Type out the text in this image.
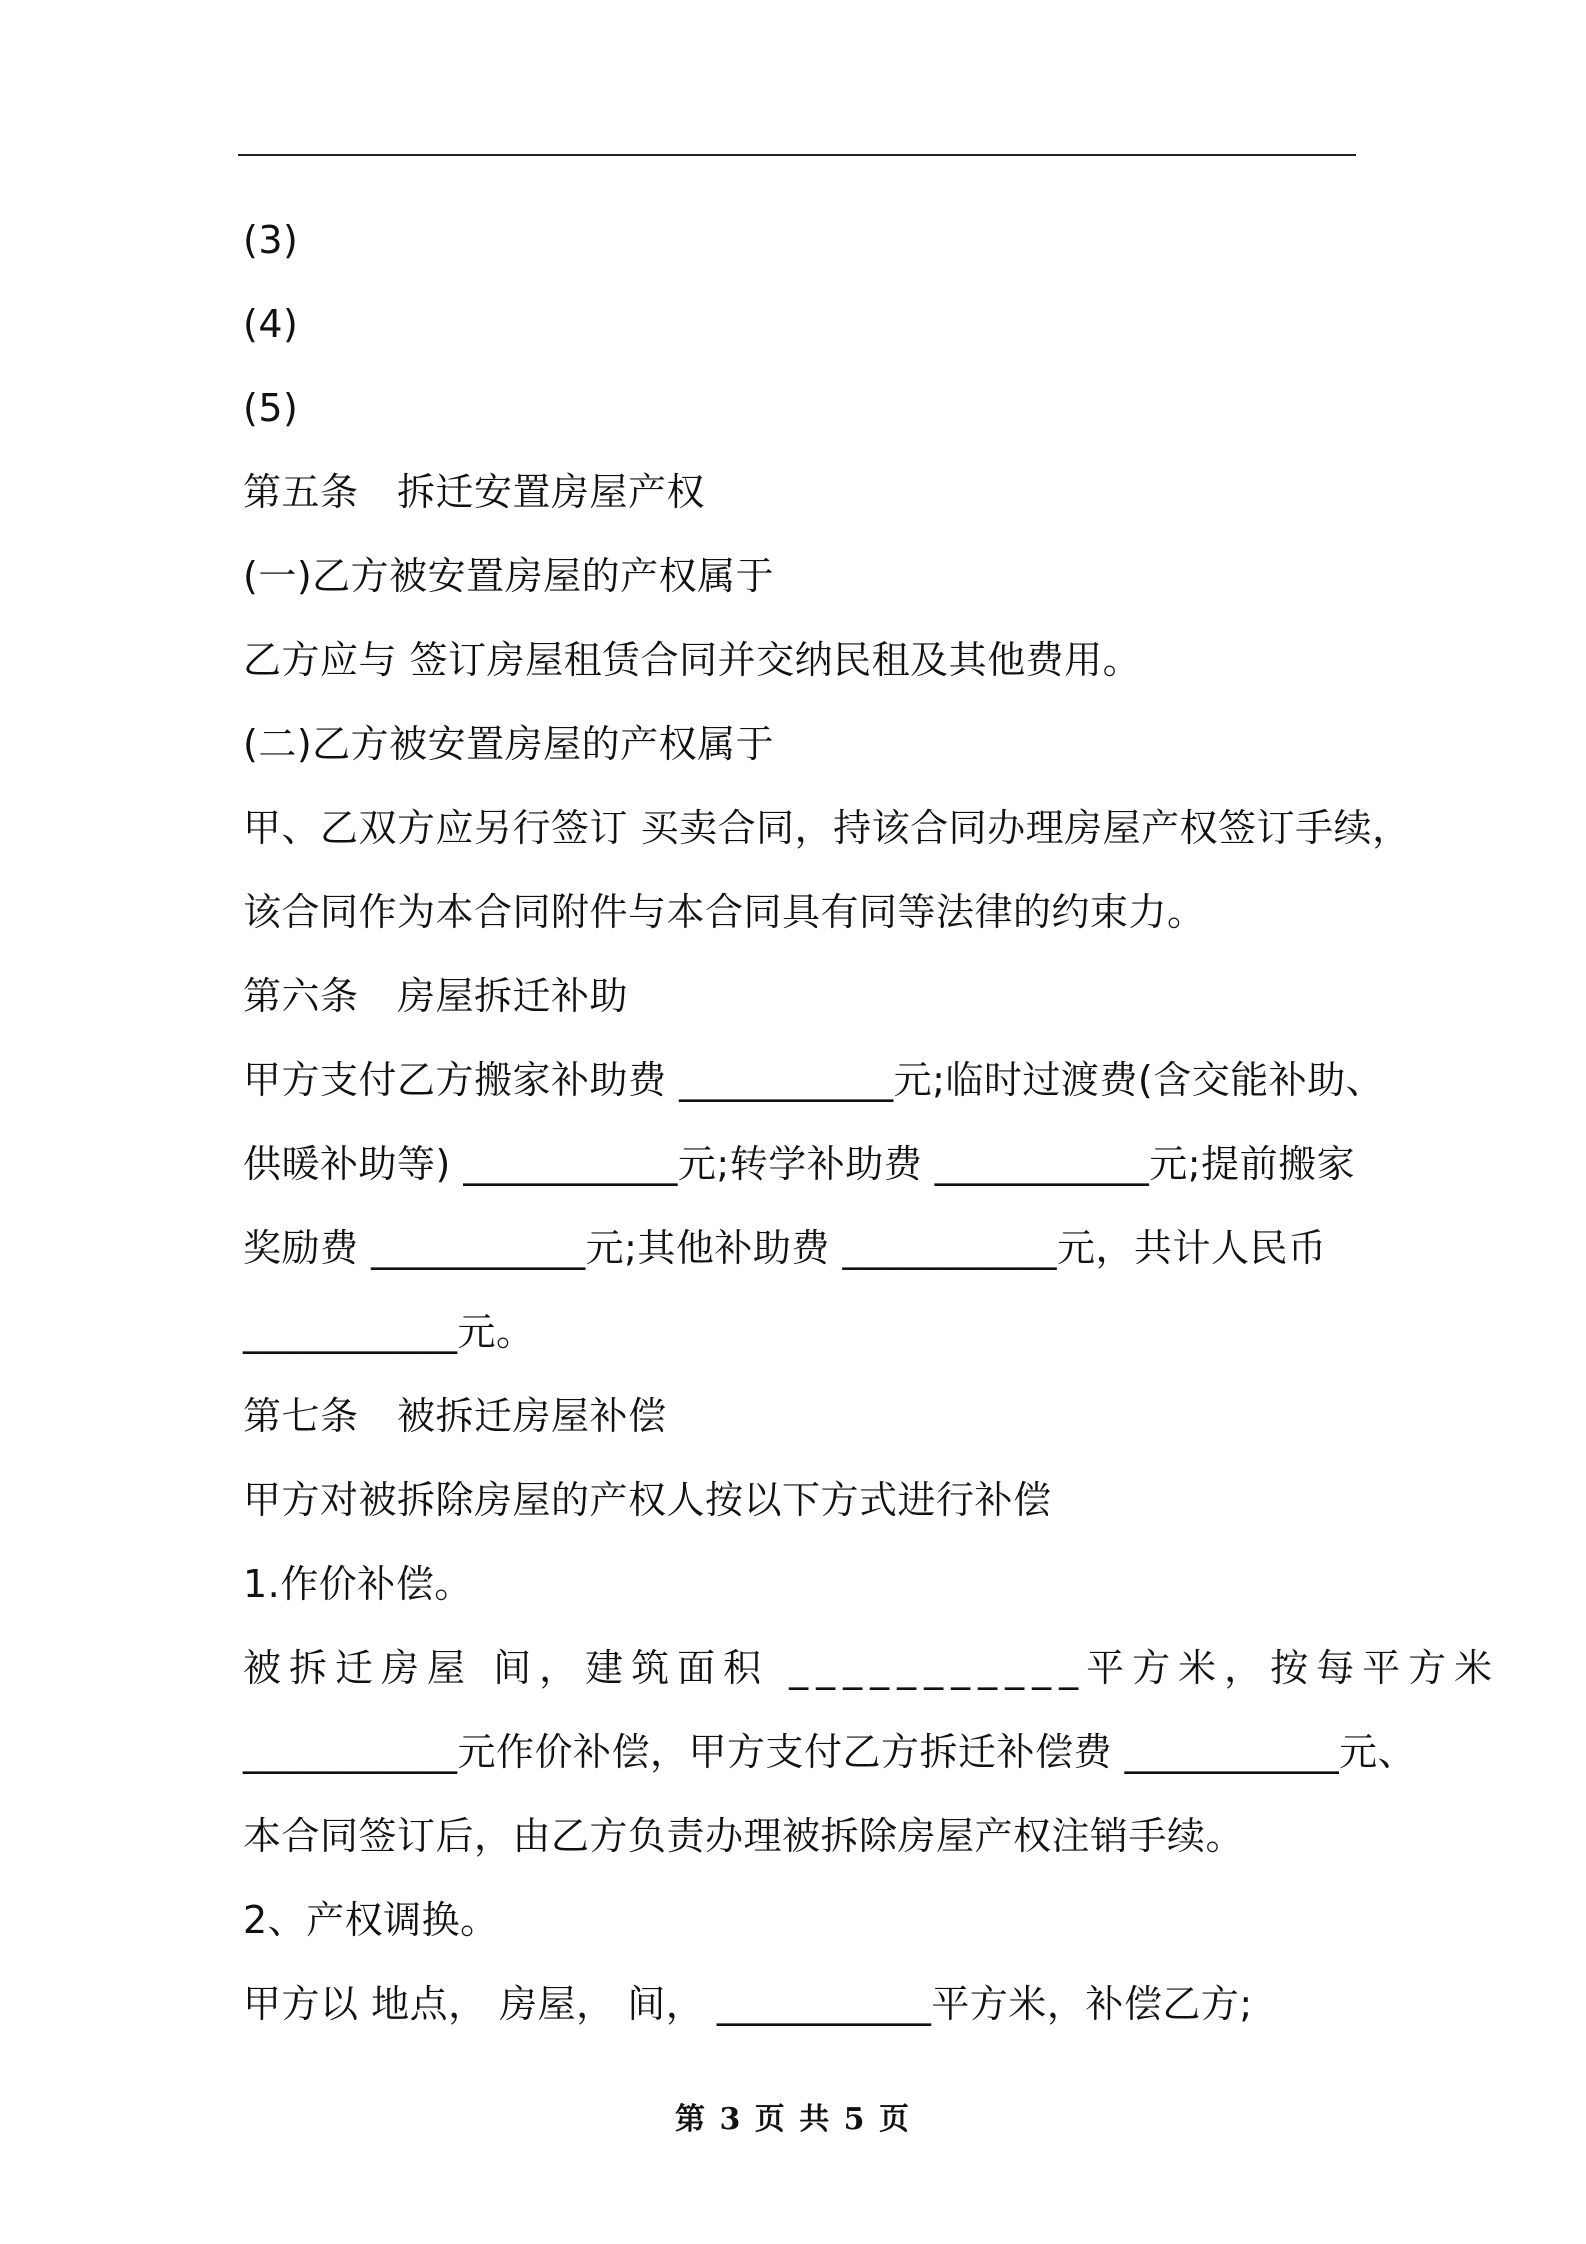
(3)
(4)
(5)
第五条　拆迁安置房屋产权
(一)乙方被安置房屋的产权属于
乙方应与 签订房屋租赁合同并交纳民租及其他费用。
(二)乙方被安置房屋的产权属于
甲、乙双方应另行签订 买卖合同，持该合同办理房屋产权签订手续，
该合同作为本合同附件与本合同具有同等法律的约束力。
第六条　房屋拆迁补助
甲方支付乙方搬家补助费 ___________元;临时过渡费(含交能补助、
供暖补助等) ___________元;转学补助费 ___________元;提前搬家
奖励费 ___________元;其他补助费 ___________元，共计人民币
___________元。
第七条　被拆迁房屋补偿
甲方对被拆除房屋的产权人按以下方式进行补偿
1.作价补偿。
被拆迁房屋 间，建筑面积 ___________平方米，按每平方米
___________元作价补偿，甲方支付乙方拆迁补偿费 ___________元、
本合同签订后，由乙方负责办理被拆除房屋产权注销手续。
2、产权调换。
甲方以 地点， 房屋， 间， ___________平方米，补偿乙方;
第 3 页 共 5 页
